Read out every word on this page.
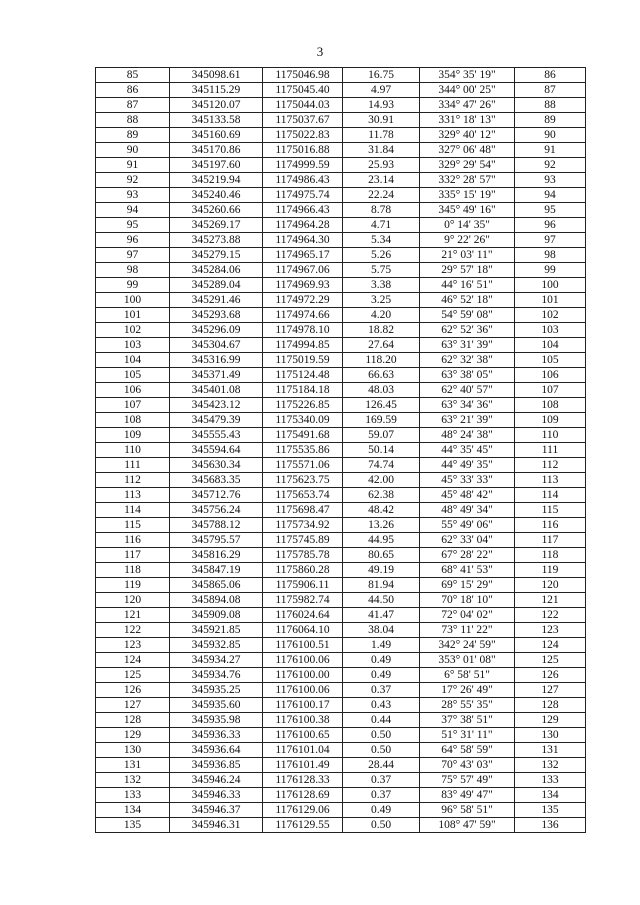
3
85	345098.61	1175046.98	16.75	354° 35' 19"	86
86	345115.29	1175045.40	4.97	344° 00' 25"	87
87	345120.07	1175044.03	14.93	334° 47' 26"	88
88	345133.58	1175037.67	30.91	331° 18' 13"	89
89	345160.69	1175022.83	11.78	329° 40' 12"	90
90	345170.86	1175016.88	31.84	327° 06' 48"	91
91	345197.60	1174999.59	25.93	329° 29' 54"	92
92	345219.94	1174986.43	23.14	332° 28' 57"	93
93	345240.46	1174975.74	22.24	335° 15' 19"	94
94	345260.66	1174966.43	8.78	345° 49' 16"	95
95	345269.17	1174964.28	4.71	0° 14' 35"	96
96	345273.88	1174964.30	5.34	9° 22' 26"	97
97	345279.15	1174965.17	5.26	21° 03' 11"	98
98	345284.06	1174967.06	5.75	29° 57' 18"	99
99	345289.04	1174969.93	3.38	44° 16' 51"	100
100	345291.46	1174972.29	3.25	46° 52' 18"	101
101	345293.68	1174974.66	4.20	54° 59' 08"	102
102	345296.09	1174978.10	18.82	62° 52' 36"	103
103	345304.67	1174994.85	27.64	63° 31' 39"	104
104	345316.99	1175019.59	118.20	62° 32' 38"	105
105	345371.49	1175124.48	66.63	63° 38' 05"	106
106	345401.08	1175184.18	48.03	62° 40' 57"	107
107	345423.12	1175226.85	126.45	63° 34' 36"	108
108	345479.39	1175340.09	169.59	63° 21' 39"	109
109	345555.43	1175491.68	59.07	48° 24' 38"	110
110	345594.64	1175535.86	50.14	44° 35' 45"	111
111	345630.34	1175571.06	74.74	44° 49' 35"	112
112	345683.35	1175623.75	42.00	45° 33' 33"	113
113	345712.76	1175653.74	62.38	45° 48' 42"	114
114	345756.24	1175698.47	48.42	48° 49' 34"	115
115	345788.12	1175734.92	13.26	55° 49' 06"	116
116	345795.57	1175745.89	44.95	62° 33' 04"	117
117	345816.29	1175785.78	80.65	67° 28' 22"	118
118	345847.19	1175860.28	49.19	68° 41' 53"	119
119	345865.06	1175906.11	81.94	69° 15' 29"	120
120	345894.08	1175982.74	44.50	70° 18' 10"	121
121	345909.08	1176024.64	41.47	72° 04' 02"	122
122	345921.85	1176064.10	38.04	73° 11' 22"	123
123	345932.85	1176100.51	1.49	342° 24' 59"	124
124	345934.27	1176100.06	0.49	353° 01' 08"	125
125	345934.76	1176100.00	0.49	6° 58' 51"	126
126	345935.25	1176100.06	0.37	17° 26' 49"	127
127	345935.60	1176100.17	0.43	28° 55' 35"	128
128	345935.98	1176100.38	0.44	37° 38' 51"	129
129	345936.33	1176100.65	0.50	51° 31' 11"	130
130	345936.64	1176101.04	0.50	64° 58' 59"	131
131	345936.85	1176101.49	28.44	70° 43' 03"	132
132	345946.24	1176128.33	0.37	75° 57' 49"	133
133	345946.33	1176128.69	0.37	83° 49' 47"	134
134	345946.37	1176129.06	0.49	96° 58' 51"	135
135	345946.31	1176129.55	0.50	108° 47' 59"	136
